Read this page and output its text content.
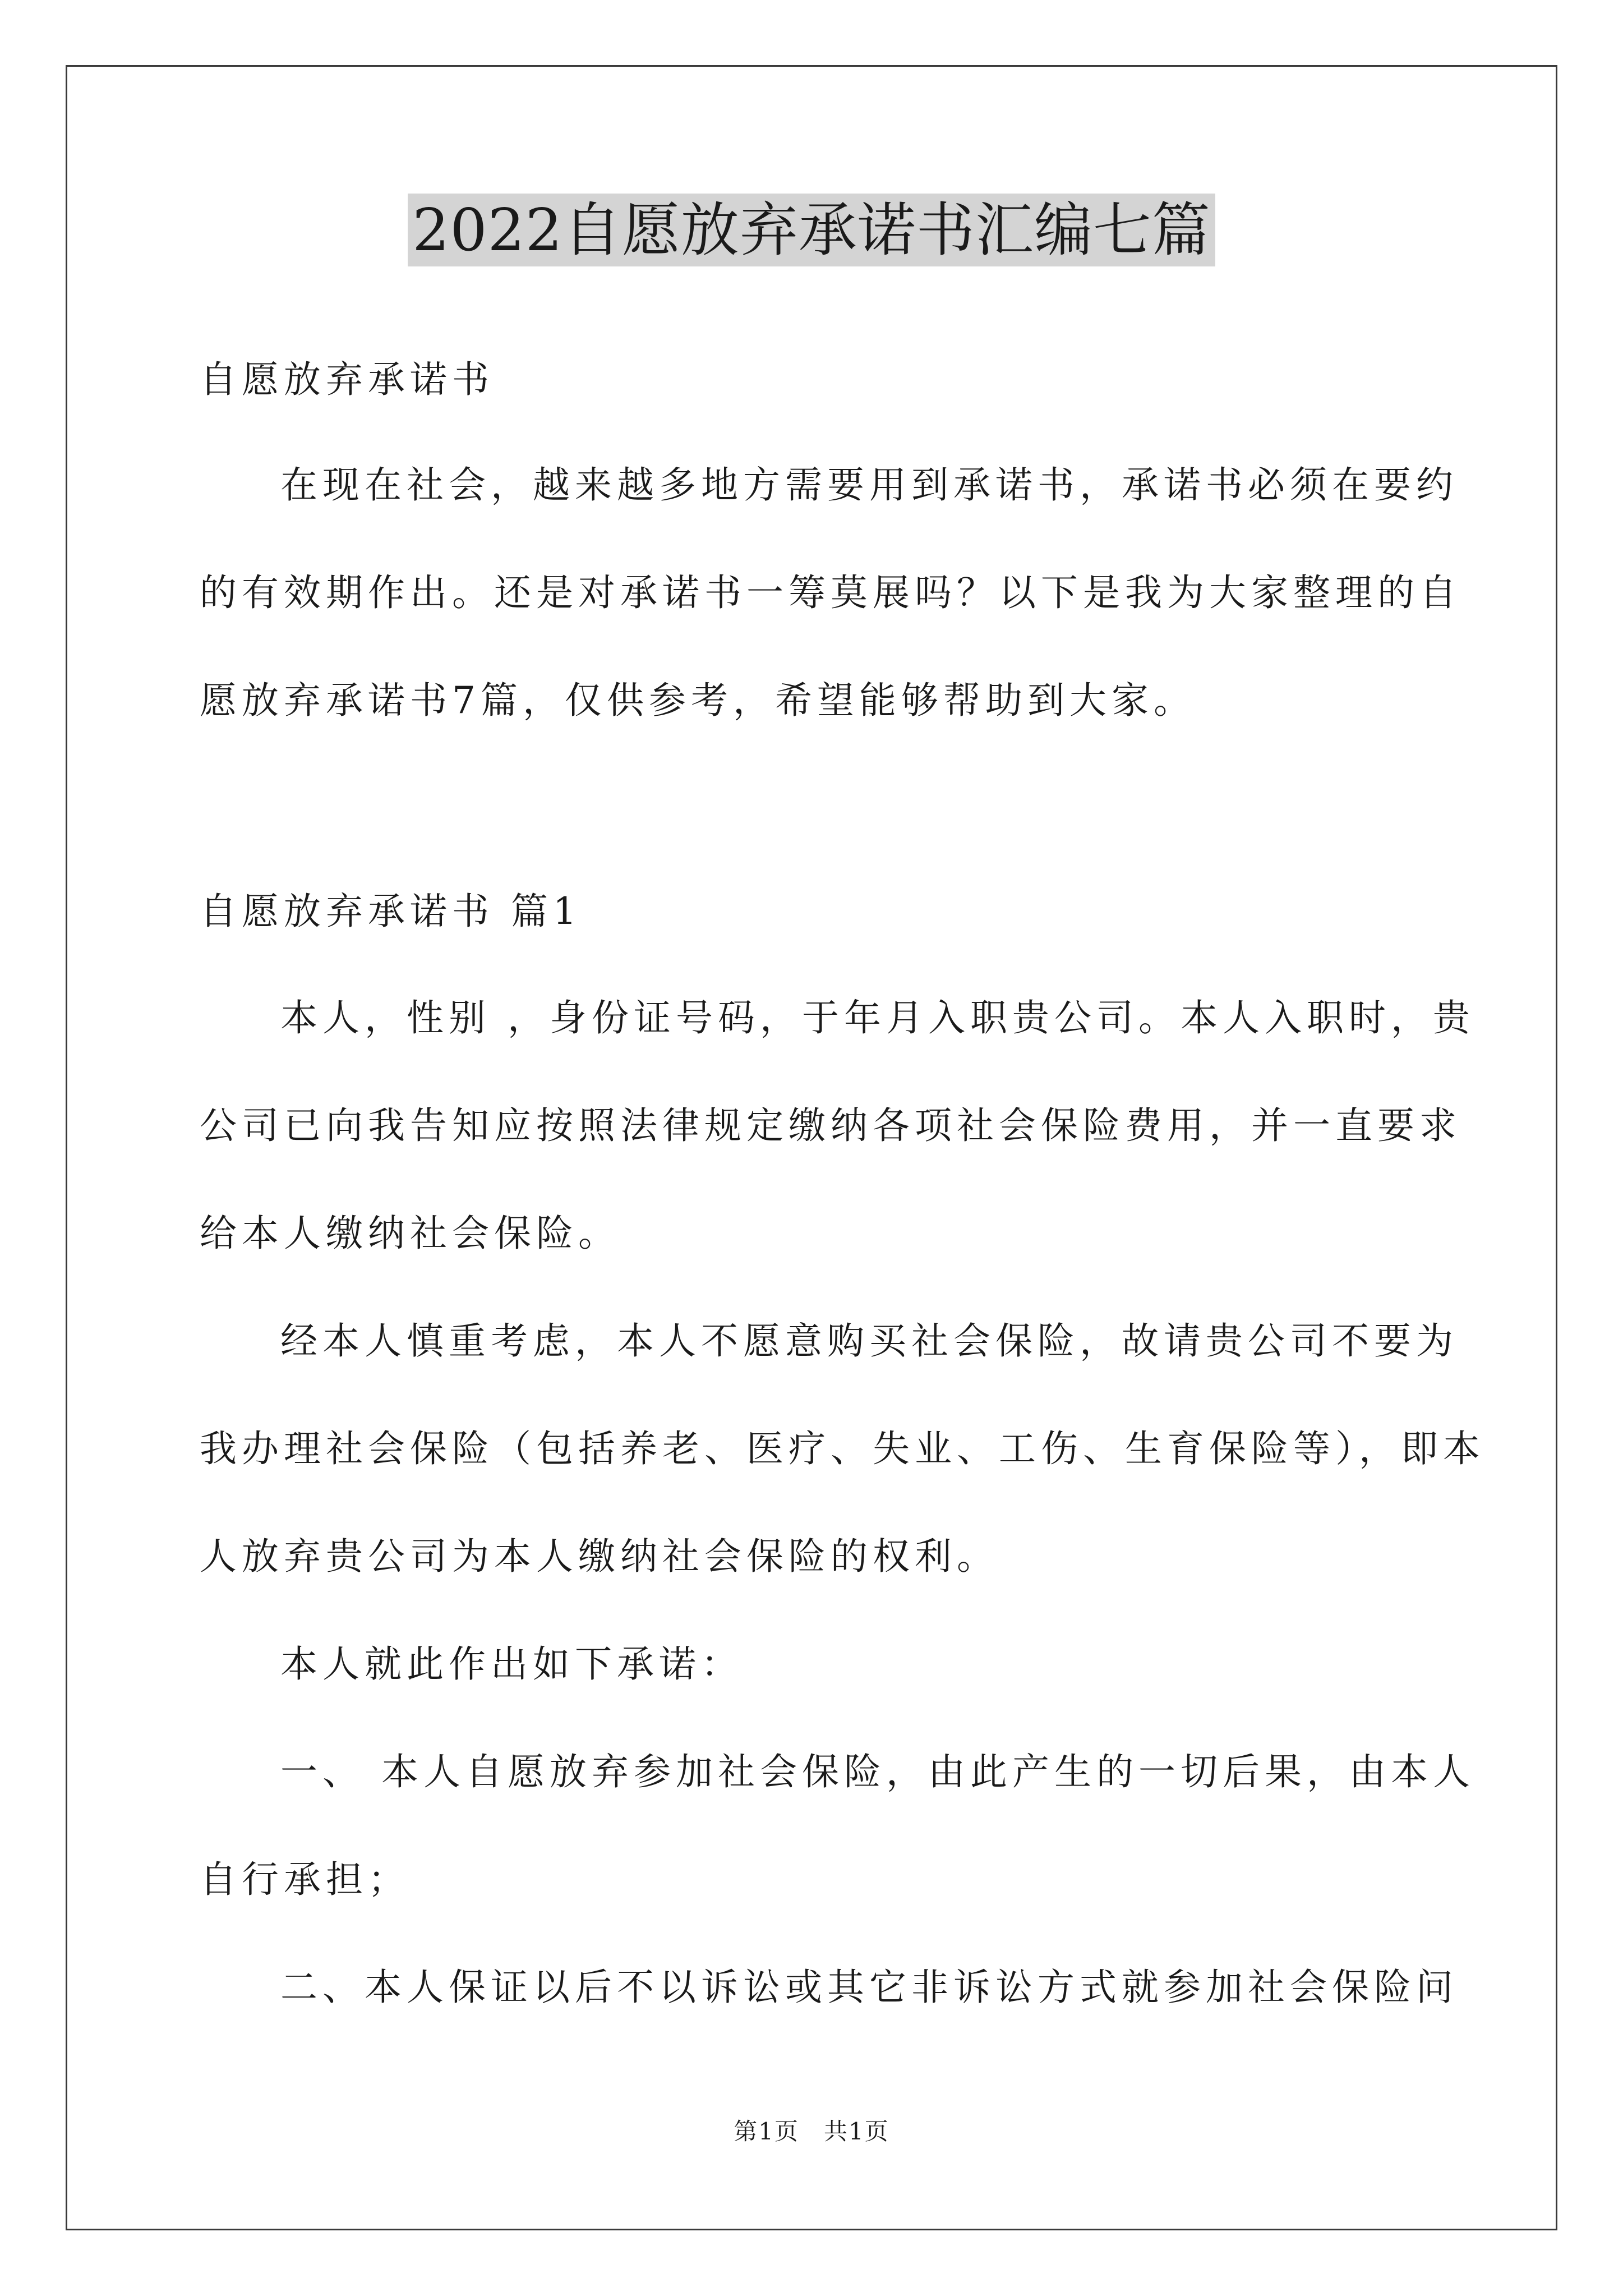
2022自愿放弃承诺书汇编七篇
自愿放弃承诺书
在现在社会，越来越多地方需要用到承诺书，承诺书必须在要约
的有效期作出。还是对承诺书一筹莫展吗？以下是我为大家整理的自
愿放弃承诺书7篇，仅供参考，希望能够帮助到大家。
自愿放弃承诺书 篇1
本人，性别 ，身份证号码，于年月入职贵公司。本人入职时，贵
公司已向我告知应按照法律规定缴纳各项社会保险费用，并一直要求
给本人缴纳社会保险。
经本人慎重考虑，本人不愿意购买社会保险，故请贵公司不要为
我办理社会保险（包括养老、医疗、失业、工伤、生育保险等），即本
人放弃贵公司为本人缴纳社会保险的权利。
本人就此作出如下承诺：
一、 本人自愿放弃参加社会保险，由此产生的一切后果，由本人
自行承担；
二、本人保证以后不以诉讼或其它非诉讼方式就参加社会保险问
第1页　共1页
